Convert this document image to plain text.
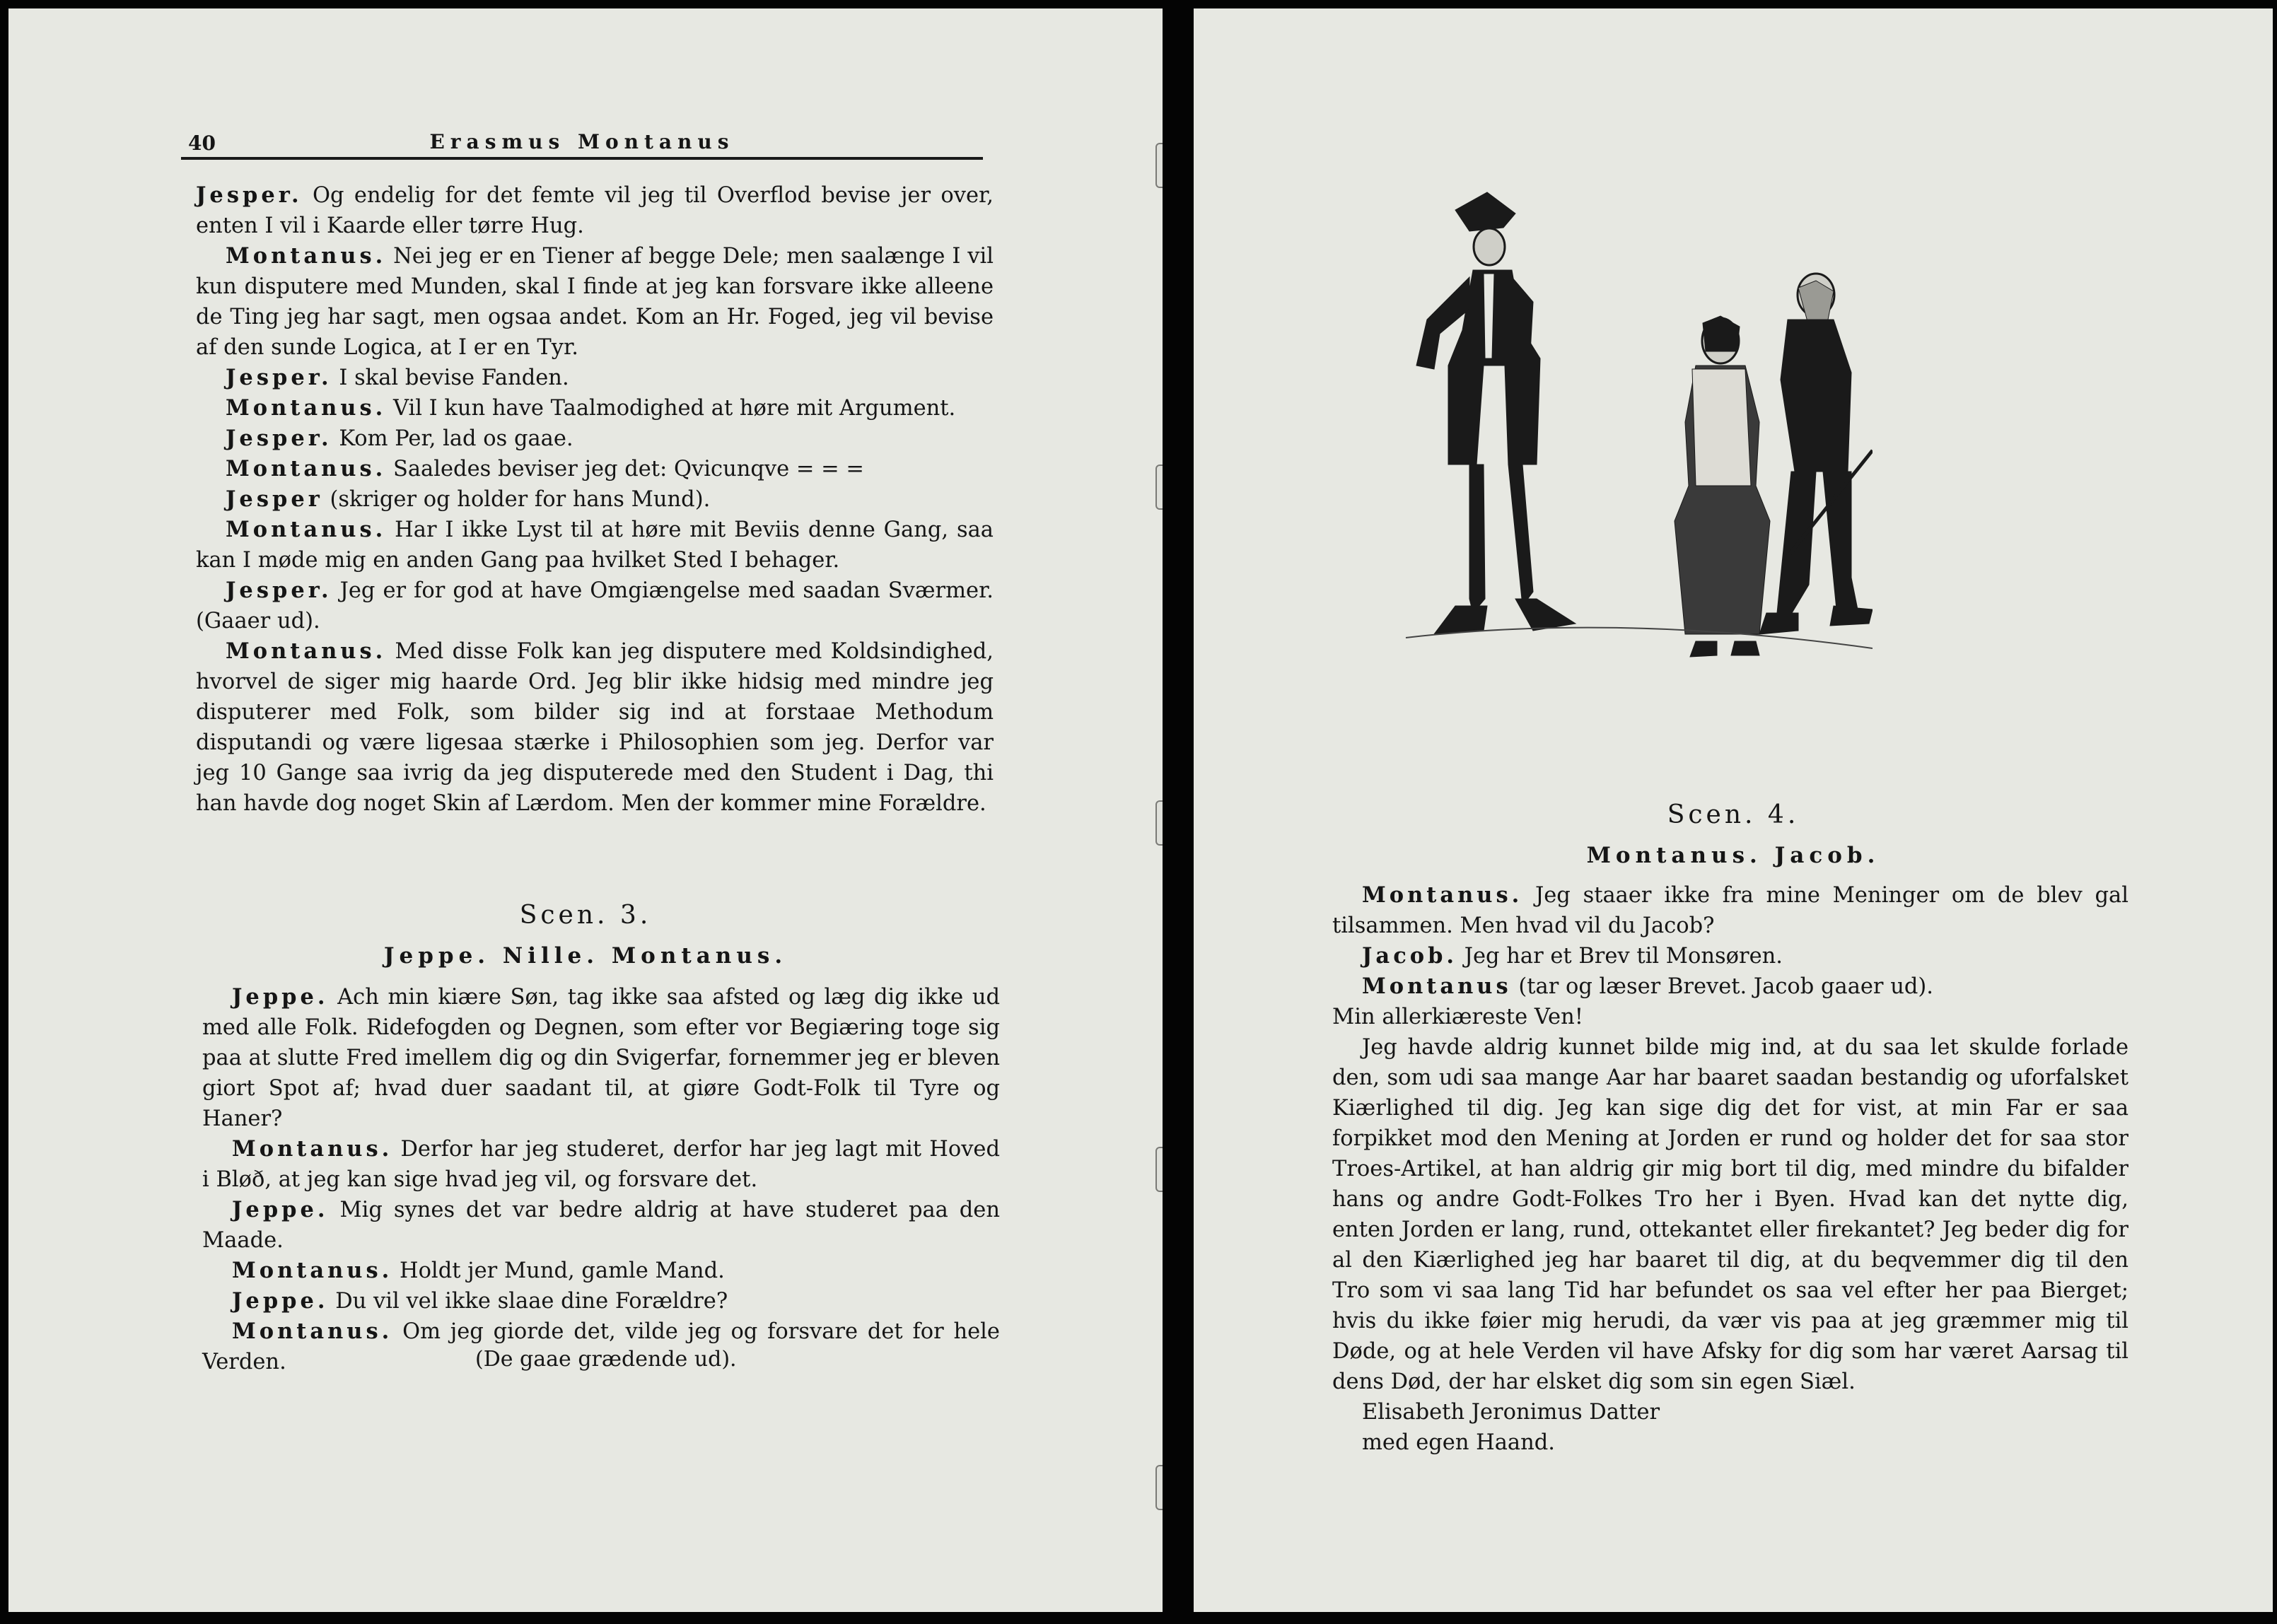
40	Erasmus Montanus

Jesper. Og endelig for det femte vil jeg til Overflod bevise jer over, enten I vil i Kaarde eller tørre Hug.

Montanus. Nei jeg er en Tiener af begge Dele; men saalænge I vil kun disputere med Munden, skal I finde at jeg kan forsvare ikke alleene de Ting jeg har sagt, men ogsaa andet. Kom an Hr. Foged, jeg vil bevise af den sunde Logica, at I er en Tyr.

Jesper. I skal bevise Fanden.

Montanus. Vil I kun have Taalmodighed at høre mit Argument.

Jesper. Kom Per, lad os gaae.

Montanus. Saaledes beviser jeg det: Qvicunqve = = =

Jesper (skriger og holder for hans Mund).

Montanus. Har I ikke Lyst til at høre mit Beviis denne Gang, saa kan I møde mig en anden Gang paa hvilket Sted I behager.

Jesper. Jeg er for god at have Omgiængelse med saadan Sværmer. (Gaaer ud).

Montanus. Med disse Folk kan jeg disputere med Koldsindighed, hvorvel de siger mig haarde Ord. Jeg blir ikke hidsig med mindre jeg disputerer med Folk, som bilder sig ind at forstaae Methodum disputandi og være ligesaa stærke i Philosophien som jeg. Derfor var jeg 10 Gange saa ivrig da jeg disputerede med den Student i Dag, thi han havde dog noget Skin af Lærdom. Men der kommer mine Forældre.

Scen. 3.
Jeppe. Nille. Montanus.

Jeppe. Ach min kiære Søn, tag ikke saa afsted og læg dig ikke ud med alle Folk. Ridefogden og Degnen, som efter vor Begiæring toge sig paa at slutte Fred imellem dig og din Svigerfar, fornemmer jeg er bleven giort Spot af; hvad duer saadant til, at giøre Godt-Folk til Tyre og Haner?

Montanus. Derfor har jeg studeret, derfor har jeg lagt mit Hoved i Bløð, at jeg kan sige hvad jeg vil, og forsvare det.

Jeppe. Mig synes det var bedre aldrig at have studeret paa den Maade.

Montanus. Holdt jer Mund, gamle Mand.

Jeppe. Du vil vel ikke slaae dine Forældre?

Montanus. Om jeg giorde det, vilde jeg og forsvare det for hele Verden.	(De gaae grædende ud).
Scen. 4.
Montanus. Jacob.

Montanus. Jeg staaer ikke fra mine Meninger om de blev gal tilsammen. Men hvad vil du Jacob?

Jacob. Jeg har et Brev til Monsøren.

Montanus (tar og læser Brevet. Jacob gaaer ud).

Min allerkiæreste Ven!

Jeg havde aldrig kunnet bilde mig ind, at du saa let skulde forlade den, som udi saa mange Aar har baaret saadan bestandig og uforfalsket Kiærlighed til dig. Jeg kan sige dig det for vist, at min Far er saa forpikket mod den Mening at Jorden er rund og holder det for saa stor Troes-Artikel, at han aldrig gir mig bort til dig, med mindre du bifalder hans og andre Godt-Folkes Tro her i Byen. Hvad kan det nytte dig, enten Jorden er lang, rund, ottekantet eller firekantet? Jeg beder dig for al den Kiærlighed jeg har baaret til dig, at du beqvemmer dig til den Tro som vi saa lang Tid har befundet os saa vel efter her paa Bierget; hvis du ikke føier mig herudi, da vær vis paa at jeg græmmer mig til Døde, og at hele Verden vil have Afsky for dig som har været Aarsag til dens Død, der har elsket dig som sin egen Siæl.

Elisabeth Jeronimus Datter

med egen Haand.
